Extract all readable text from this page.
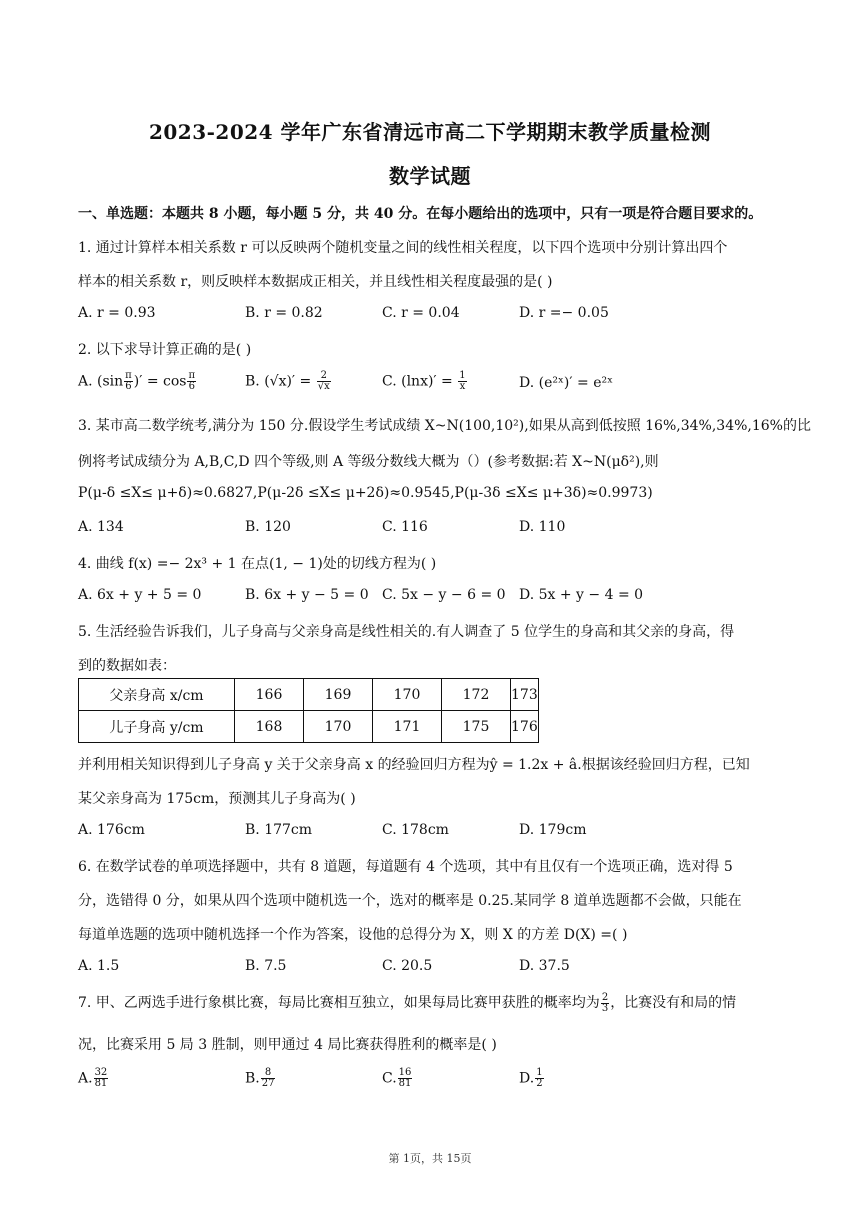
2023-2024 学年广东省清远市高二下学期期末教学质量检测
数学试题
一、单选题：本题共 8 小题，每小题 5 分，共 40 分。在每小题给出的选项中，只有一项是符合题目要求的。
1. 通过计算样本相关系数 r 可以反映两个随机变量之间的线性相关程度，以下四个选项中分别计算出四个
样本的相关系数 r，则反映样本数据成正相关，并且线性相关程度最强的是( )
A. r = 0.93	B. r = 0.82	C. r = 0.04	D. r =− 0.05
2. 以下求导计算正确的是( )
A. ($\sin \frac{\pi}{6}$ )′ = $\cos \frac{\pi}{6}$	B. $(√x)' = \frac{2}{√x}$	C. $(\ln x)' = \frac{1}{x}$	D. (e²ˣ)′ = e²ˣ
3. 某市高二数学统考,满分为 150 分.假设学生考试成绩 X~N(100,10²),如果从高到低按照 16%,34%,34%,16%的比
例将考试成绩分为 A,B,C,D 四个等级,则 A 等级分数线大概为（）(参考数据:若 X~N(μδ²),则
P(μ-δ ≤X≤ μ+δ)≈0.6827,P(μ-2δ ≤X≤ μ+2δ)≈0.9545,P(μ-3δ ≤X≤ μ+3δ)≈0.9973)
A. 134	B. 120	C. 116	D. 110
4. 曲线 f(x) =− 2x³ + 1 在点(1, − 1)处的切线方程为( )
A. 6x + y + 5 = 0	B. 6x + y − 5 = 0 C. 5x − y − 6 = 0 D. 5x + y − 4 = 0
5. 生活经验告诉我们，儿子身高与父亲身高是线性相关的.有人调查了 5 位学生的身高和其父亲的身高，得
到的数据如表：
父亲身高 x/cm	166	169	170	172	173
儿子身高 y/cm	168	170	171	175	176
并利用相关知识得到儿子身高 y 关于父亲身高 x 的经验回归方程为ŷ = 1.2x + â.根据该经验回归方程，已知
某父亲身高为 175cm，预测其儿子身高为( )
A. 176cm	B. 177cm	C. 178cm	D. 179cm
6. 在数学试卷的单项选择题中，共有 8 道题，每道题有 4 个选项，其中有且仅有一个选项正确，选对得 5
分，选错得 0 分，如果从四个选项中随机选一个，选对的概率是 0.25.某同学 8 道单选题都不会做，只能在
每道单选题的选项中随机选择一个作为答案，设他的总得分为 X，则 X 的方差 D(X) =( )
A. 1.5	B. 7.5	C. 20.5	D. 37.5
7. 甲、乙两选手进行象棋比赛，每局比赛相互独立，如果每局比赛甲获胜的概率均为 $\frac{2}{3}$ ，比赛没有和局的情
况，比赛采用 5 局 3 胜制，则甲通过 4 局比赛获得胜利的概率是( )
A. $\frac{32}{81}$	B. $\frac{8}{27}$	C. $\frac{16}{81}$	D. $\frac{1}{2}$
第 1页，共 15页
